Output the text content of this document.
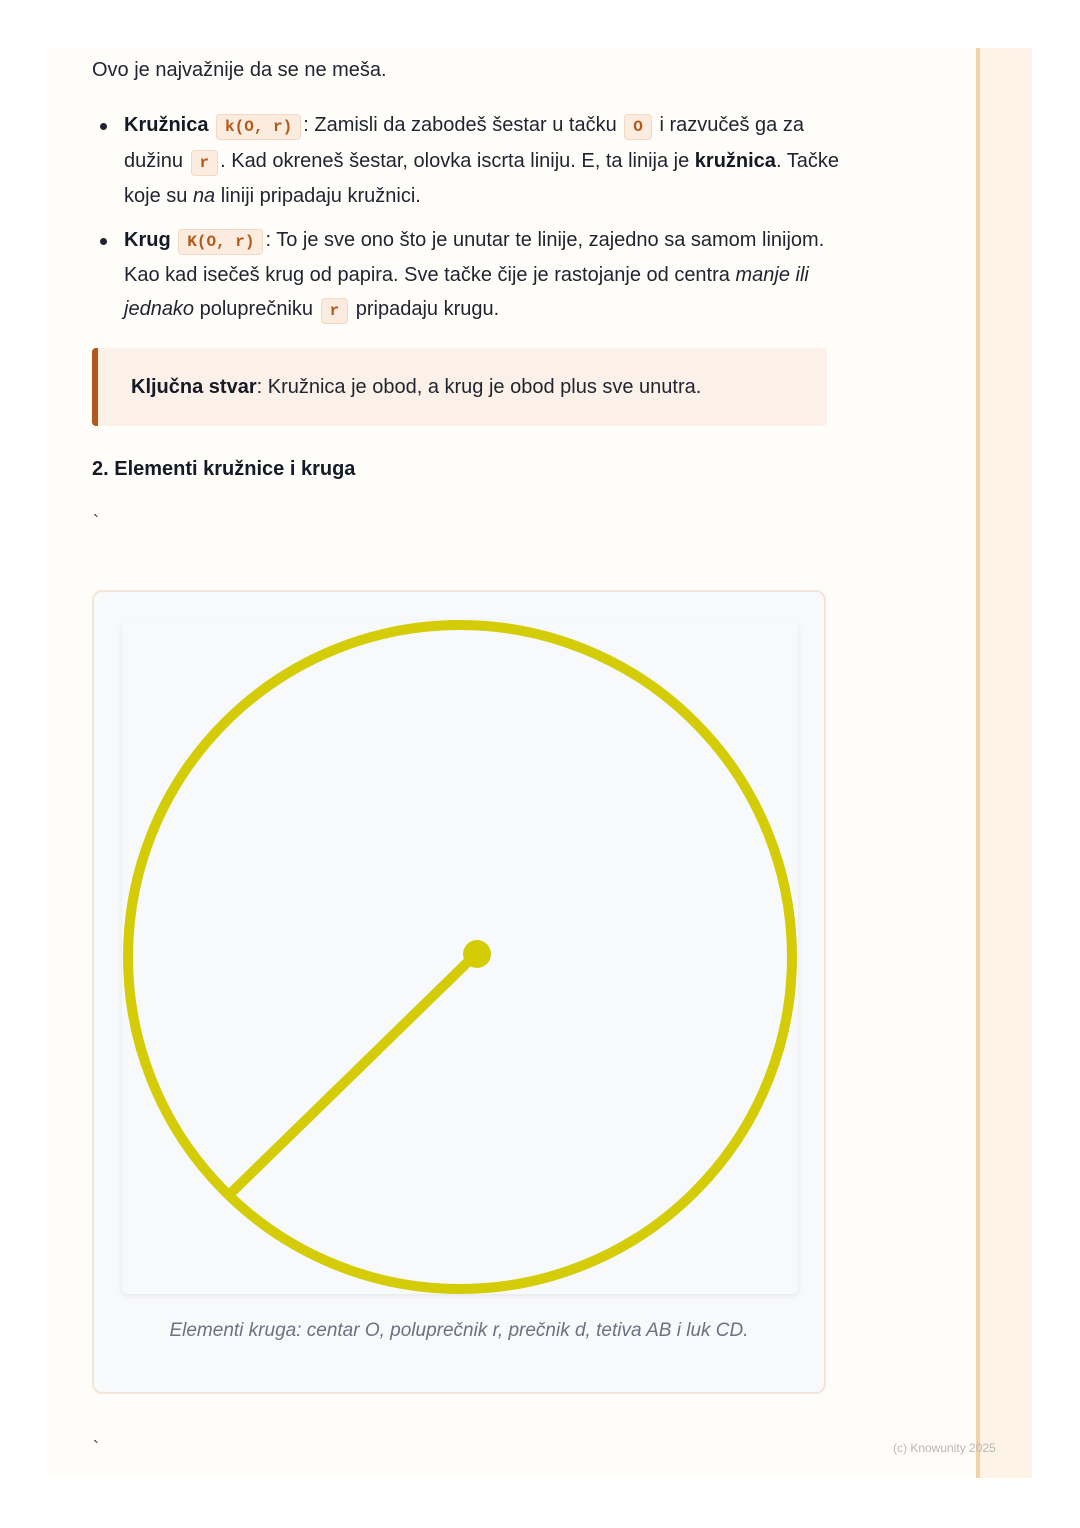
Ovo je najvažnije da se ne meša.

Kružnica k(O, r) : Zamisli da zabodeš šestar u tačku O i razvučeš ga za dužinu r . Kad okreneš šestar, olovka iscrta liniju. E, ta linija je kružnica. Tačke koje su na liniji pripadaju kružnici.
Krug K(O, r) : To je sve ono što je unutar te linije, zajedno sa samom linijom. Kao kad isečeš krug od papira. Sve tačke čije je rastojanje od centra manje ili jednako poluprečniku r pripadaju krugu.
Ključna stvar: Kružnica je obod, a krug je obod plus sve unutra.
2. Elementi kružnice i kruga
`
Elementi kruga: centar O, poluprečnik r, prečnik d, tetiva AB i luk CD.
`	(c) Knowunity 2025
